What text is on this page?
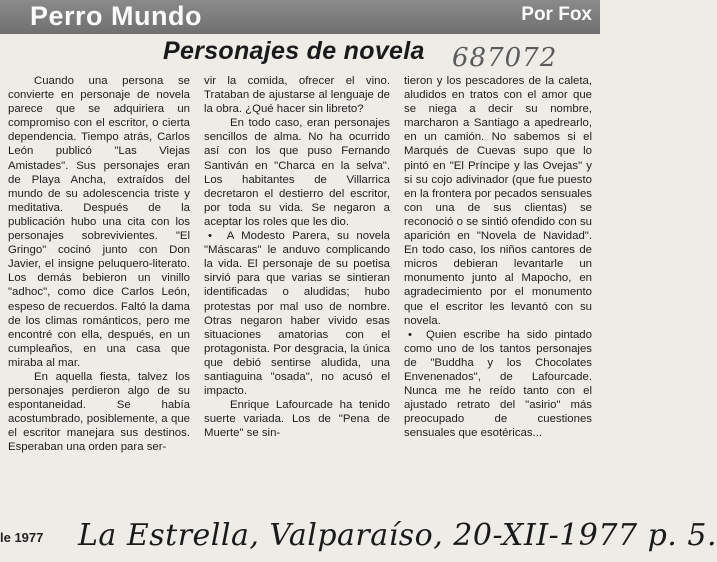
Perro Mundo	Por Fox
Personajes de novela 687072

Cuando una persona se convierte en personaje de novela parece que se adquiriera un compromiso con el escritor, o cierta dependencia. Tiempo atrás, Carlos León publicó "Las Viejas Amistades". Sus personajes eran de Playa Ancha, extraídos del mundo de su adolescencia triste y meditativa. Después de la publicación hubo una cita con los personajes sobrevivientes. "El Gringo" cocinó junto con Don Javier, el insigne peluquero-literato. Los demás bebieron un vinillo "adhoc", como dice Carlos León, espeso de recuerdos. Faltó la dama de los climas románticos, pero me encontré con ella, después, en un cumpleaños, en una casa que miraba al mar.

En aquella fiesta, talvez los personajes perdieron algo de su espontaneidad. Se había acostumbrado, posiblemente, a que el escritor manejara sus destinos. Esperaban una orden para ser-

vir la comida, ofrecer el vino. Trataban de ajustarse al lenguaje de la obra. ¿Qué hacer sin libreto?

En todo caso, eran personajes sencillos de alma. No ha ocurrido así con los que puso Fernando Santiván en "Charca en la selva". Los habitantes de Villarrica decretaron el destierro del escritor, por toda su vida. Se negaron a aceptar los roles que les dio.

•  A Modesto Parera, su novela "Máscaras" le anduvo complicando la vida. El personaje de su poetisa sirvió para que varias se sintieran identificadas o aludidas; hubo protestas por mal uso de nombre. Otras negaron haber vivido esas situaciones amatorias con el protagonista. Por desgracia, la única que debió sentirse aludida, una santiaguina "osada", no acusó el impacto.

Enrique Lafourcade ha tenido suerte variada. Los de "Pena de Muerte" se sin-

tieron y los pescadores de la caleta, aludidos en tratos con el amor que se niega a decir su nombre, marcharon a Santiago a apedrearlo, en un camión. No sabemos si el Marqués de Cuevas supo que lo pintó en "El Príncipe y las Ovejas" y si su cojo adivinador (que fue puesto en la frontera por pecados sensuales con una de sus clientas) se reconoció o se sintió ofendido con su aparición en "Novela de Navidad". En todo caso, los niños cantores de micros debieran levantarle un monumento junto al Mapocho, en agradecimiento por el monumento que el escritor les levantó con su novela.

•  Quien escribe ha sido pintado como uno de los tantos personajes de "Buddha y los Chocolates Envenenados", de Lafourcade. Nunca me he reído tanto con el ajustado retrato del "asirio" más preocupado de cuestiones sensuales que esotéricas...

le 1977 La Estrella, Valparaíso, 20-XII-1977 p. 5.
